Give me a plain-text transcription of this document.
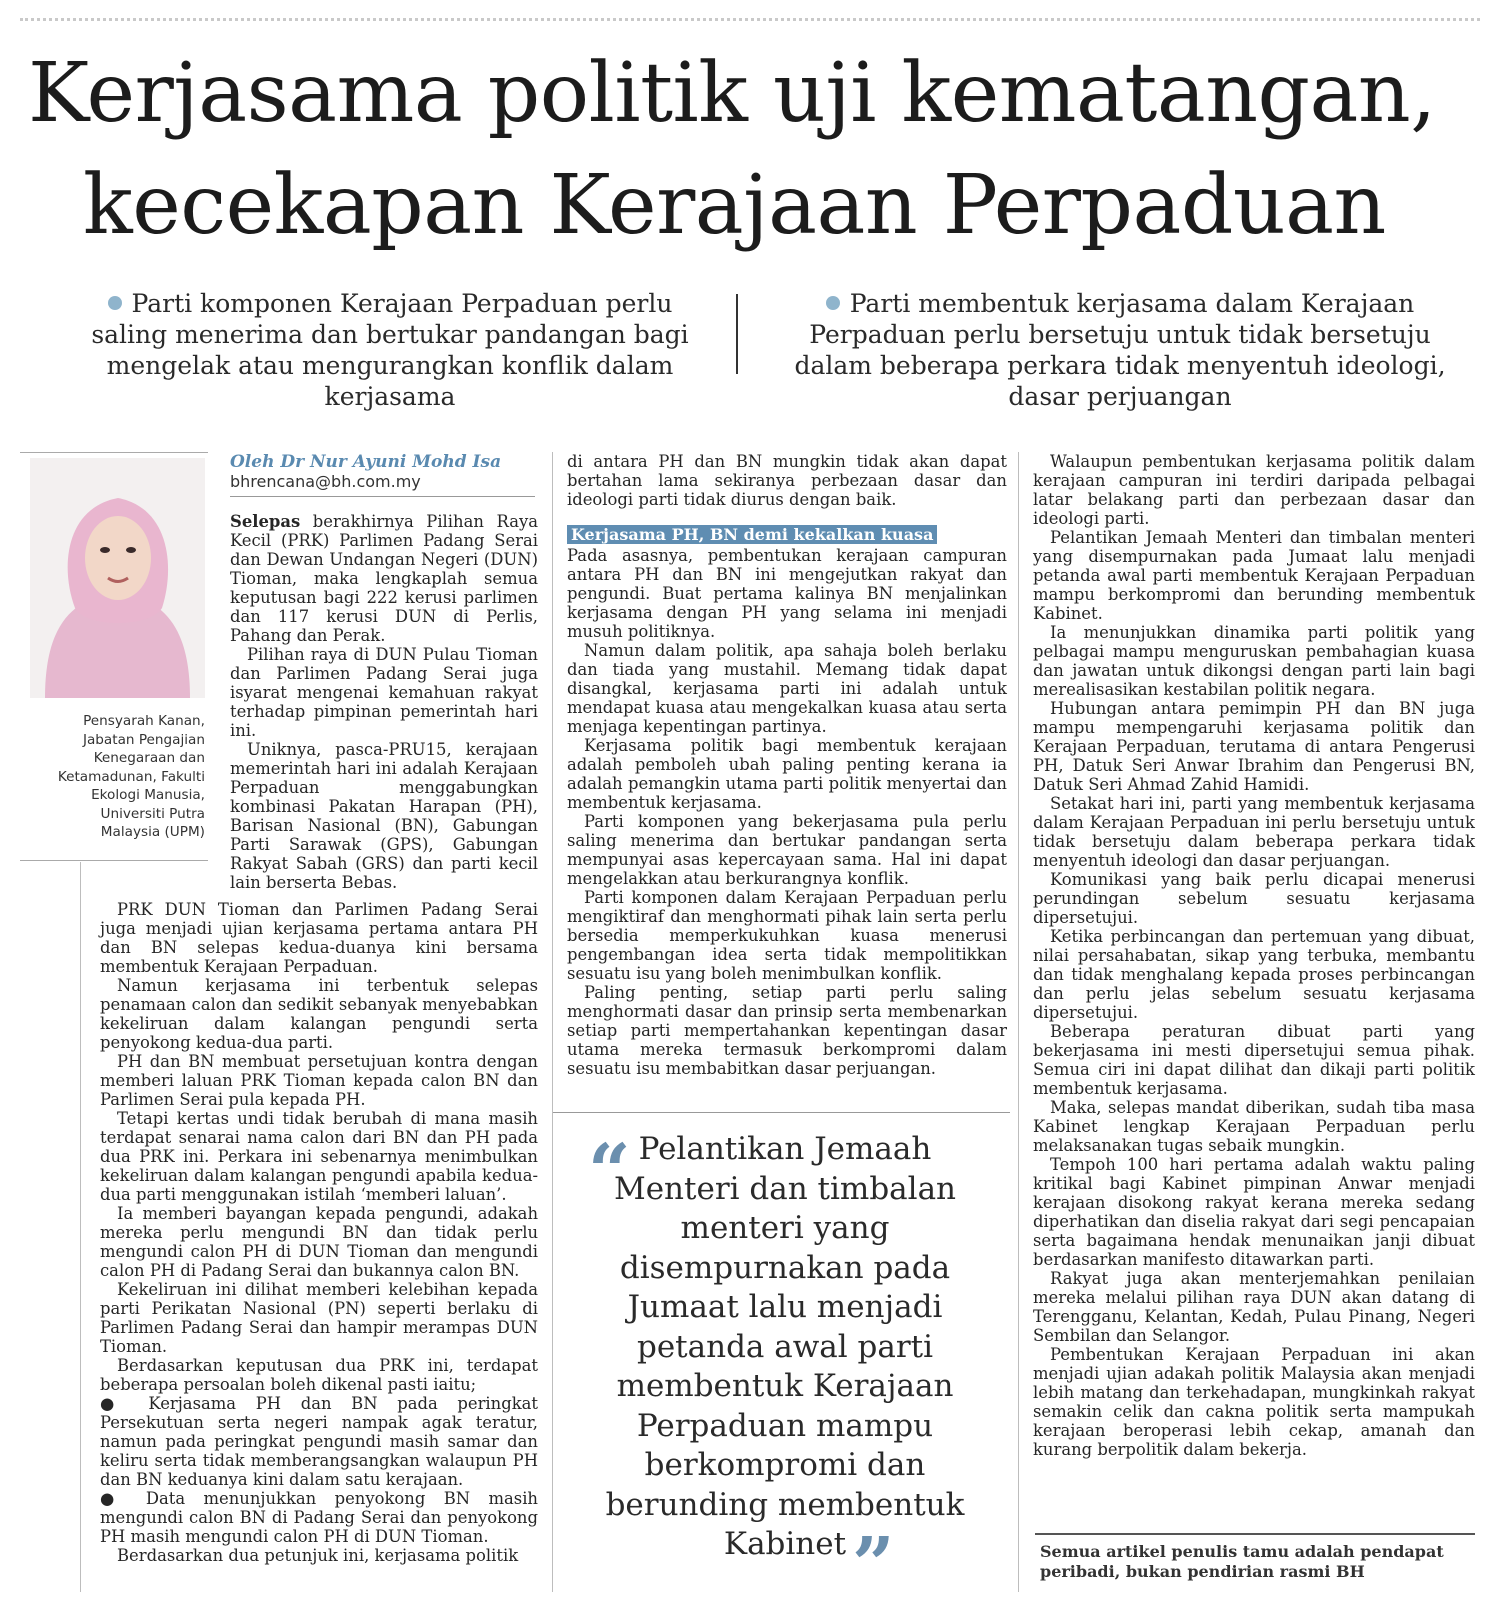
Kerjasama politik uji kematangan,
kecekapan Kerajaan Perpaduan
Parti komponen Kerajaan Perpaduan perlu saling menerima dan bertukar pandangan bagi mengelak atau mengurangkan konflik dalam kerjasama
Parti membentuk kerjasama dalam Kerajaan Perpaduan perlu bersetuju untuk tidak bersetuju dalam beberapa perkara tidak menyentuh ideologi, dasar perjuangan

Pensyarah Kanan,
Jabatan Pengajian
Kenegaraan dan
Ketamadunan, Fakulti
Ekologi Manusia,
Universiti Putra
Malaysia (UPM)

Oleh Dr Nur Ayuni Mohd Isa
bhrencana@bh.com.my

Selepas berakhirnya Pilihan Raya Kecil (PRK) Parlimen Padang Serai dan Dewan Undangan Negeri (DUN) Tioman, maka lengkaplah semua keputusan bagi 222 kerusi parlimen dan 117 kerusi DUN di Perlis, Pahang dan Perak.

Pilihan raya di DUN Pulau Tioman dan Parlimen Padang Serai juga isyarat mengenai kemahuan rakyat terhadap pimpinan pemerintah hari ini.

Uniknya, pasca-PRU15, kerajaan memerintah hari ini adalah Kerajaan Perpaduan menggabungkan kombinasi Pakatan Harapan (PH), Barisan Nasional (BN), Gabungan Parti Sarawak (GPS), Gabungan Rakyat Sabah (GRS) dan parti kecil lain berserta Bebas.

PRK DUN Tioman dan Parlimen Padang Serai juga menjadi ujian kerjasama pertama antara PH dan BN selepas kedua-duanya kini bersama membentuk Kerajaan Perpaduan.

Namun kerjasama ini terbentuk selepas penamaan calon dan sedikit sebanyak menyebabkan kekeliruan dalam kalangan pengundi serta penyokong kedua-dua parti.

PH dan BN membuat persetujuan kontra dengan memberi laluan PRK Tioman kepada calon BN dan Parlimen Serai pula kepada PH.

Tetapi kertas undi tidak berubah di mana masih terdapat senarai nama calon dari BN dan PH pada dua PRK ini. Perkara ini sebenarnya menimbulkan kekeliruan dalam kalangan pengundi apabila kedua-dua parti menggunakan istilah ‘memberi laluan’.

Ia memberi bayangan kepada pengundi, adakah mereka perlu mengundi BN dan tidak perlu mengundi calon PH di DUN Tioman dan mengundi calon PH di Padang Serai dan bukannya calon BN.

Kekeliruan ini dilihat memberi kelebihan kepada parti Perikatan Nasional (PN) seperti berlaku di Parlimen Padang Serai dan hampir merampas DUN Tioman.

Berdasarkan keputusan dua PRK ini, terdapat beberapa persoalan boleh dikenal pasti iaitu;

● Kerjasama PH dan BN pada peringkat Persekutuan serta negeri nampak agak teratur, namun pada peringkat pengundi masih samar dan keliru serta tidak memberangsangkan walaupun PH dan BN keduanya kini dalam satu kerajaan.

● Data menunjukkan penyokong BN masih mengundi calon BN di Padang Serai dan penyokong PH masih mengundi calon PH di DUN Tioman.

Berdasarkan dua petunjuk ini, kerjasama politik

di antara PH dan BN mungkin tidak akan dapat bertahan lama sekiranya perbezaan dasar dan ideologi parti tidak diurus dengan baik.

Kerjasama PH, BN demi kekalkan kuasa

Pada asasnya, pembentukan kerajaan campuran antara PH dan BN ini mengejutkan rakyat dan pengundi. Buat pertama kalinya BN menjalinkan kerjasama dengan PH yang selama ini menjadi musuh politiknya.

Namun dalam politik, apa sahaja boleh berlaku dan tiada yang mustahil. Memang tidak dapat disangkal, kerjasama parti ini adalah untuk mendapat kuasa atau mengekalkan kuasa atau serta menjaga kepentingan partinya.

Kerjasama politik bagi membentuk kerajaan adalah pemboleh ubah paling penting kerana ia adalah pemangkin utama parti politik menyertai dan membentuk kerjasama.

Parti komponen yang bekerjasama pula perlu saling menerima dan bertukar pandangan serta mempunyai asas kepercayaan sama. Hal ini dapat mengelakkan atau berkurangnya konflik.

Parti komponen dalam Kerajaan Perpaduan perlu mengiktiraf dan menghormati pihak lain serta perlu bersedia memperkukuhkan kuasa menerusi pengembangan idea serta tidak mempolitikkan sesuatu isu yang boleh menimbulkan konflik.

Paling penting, setiap parti perlu saling menghormati dasar dan prinsip serta membenarkan setiap parti mempertahankan kepentingan dasar utama mereka termasuk berkompromi dalam sesuatu isu membabitkan dasar perjuangan.

“ Pelantikan Jemaah Menteri dan timbalan menteri yang disempurnakan pada Jumaat lalu menjadi petanda awal parti membentuk Kerajaan Perpaduan mampu berkompromi dan berunding membentuk Kabinet ”

Walaupun pembentukan kerjasama politik dalam kerajaan campuran ini terdiri daripada pelbagai latar belakang parti dan perbezaan dasar dan ideologi parti.

Pelantikan Jemaah Menteri dan timbalan menteri yang disempurnakan pada Jumaat lalu menjadi petanda awal parti membentuk Kerajaan Perpaduan mampu berkompromi dan berunding membentuk Kabinet.

Ia menunjukkan dinamika parti politik yang pelbagai mampu menguruskan pembahagian kuasa dan jawatan untuk dikongsi dengan parti lain bagi merealisasikan kestabilan politik negara.

Hubungan antara pemimpin PH dan BN juga mampu mempengaruhi kerjasama politik dan Kerajaan Perpaduan, terutama di antara Pengerusi PH, Datuk Seri Anwar Ibrahim dan Pengerusi BN, Datuk Seri Ahmad Zahid Hamidi.

Setakat hari ini, parti yang membentuk kerjasama dalam Kerajaan Perpaduan ini perlu bersetuju untuk tidak bersetuju dalam beberapa perkara tidak menyentuh ideologi dan dasar perjuangan.

Komunikasi yang baik perlu dicapai menerusi perundingan sebelum sesuatu kerjasama dipersetujui.

Ketika perbincangan dan pertemuan yang dibuat, nilai persahabatan, sikap yang terbuka, membantu dan tidak menghalang kepada proses perbincangan dan perlu jelas sebelum sesuatu kerjasama dipersetujui.

Beberapa peraturan dibuat parti yang bekerjasama ini mesti dipersetujui semua pihak. Semua ciri ini dapat dilihat dan dikaji parti politik membentuk kerjasama.

Maka, selepas mandat diberikan, sudah tiba masa Kabinet lengkap Kerajaan Perpaduan perlu melaksanakan tugas sebaik mungkin.

Tempoh 100 hari pertama adalah waktu paling kritikal bagi Kabinet pimpinan Anwar menjadi kerajaan disokong rakyat kerana mereka sedang diperhatikan dan diselia rakyat dari segi pencapaian serta bagaimana hendak menunaikan janji dibuat berdasarkan manifesto ditawarkan parti.

Rakyat juga akan menterjemahkan penilaian mereka melalui pilihan raya DUN akan datang di Terengganu, Kelantan, Kedah, Pulau Pinang, Negeri Sembilan dan Selangor.

Pembentukan Kerajaan Perpaduan ini akan menjadi ujian adakah politik Malaysia akan menjadi lebih matang dan terkehadapan, mungkinkah rakyat semakin celik dan cakna politik serta mampukah kerajaan beroperasi lebih cekap, amanah dan kurang berpolitik dalam bekerja.

Semua artikel penulis tamu adalah pendapat peribadi, bukan pendirian rasmi BH
